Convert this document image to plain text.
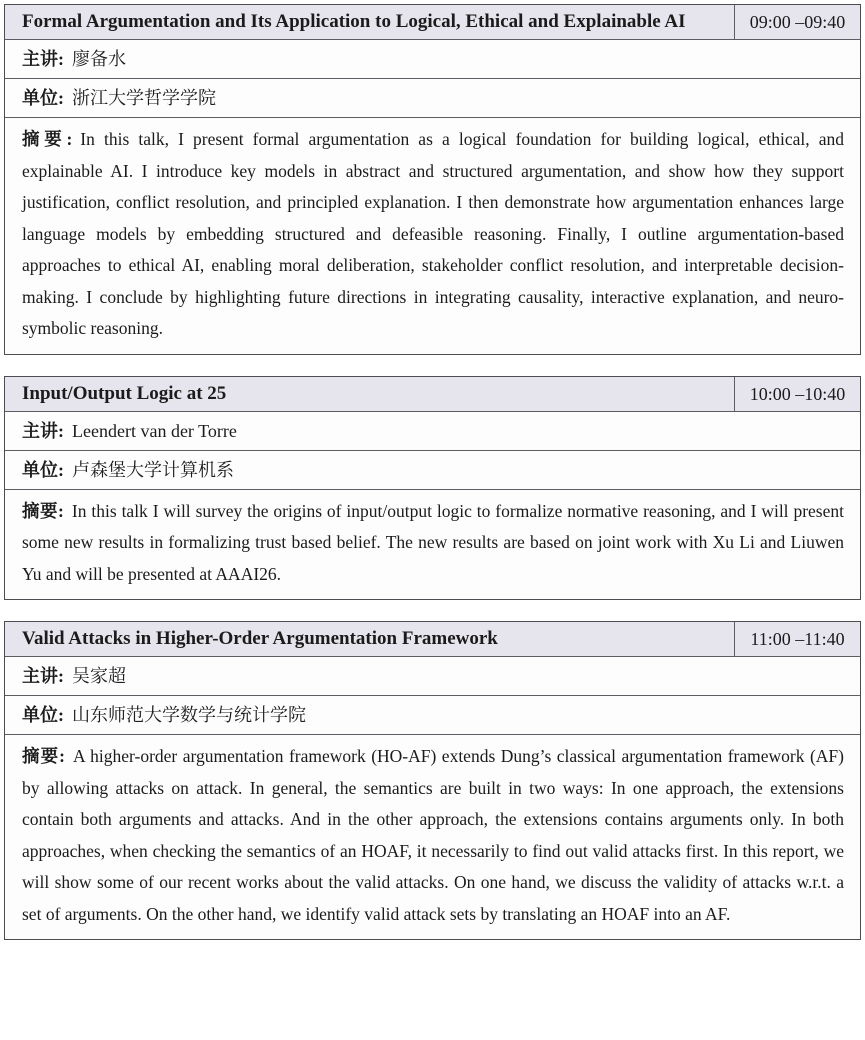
Formal Argumentation and Its Application to Logical, Ethical and Explainable AI	09:00 –09:40
主讲: 廖备水
单位: 浙江大学哲学学院
摘要: In this talk, I present formal argumentation as a logical foundation for building logical, ethical, and explainable AI. I introduce key models in abstract and structured argumentation, and show how they support justification, conflict resolution, and principled explanation. I then demonstrate how argumentation enhances large language models by embedding structured and defeasible reasoning. Finally, I outline argumentation-based approaches to ethical AI, enabling moral deliberation, stakeholder conflict resolution, and interpretable decision-making. I conclude by highlighting future directions in integrating causality, interactive explanation, and neuro-symbolic reasoning.
Input/Output Logic at 25	10:00 –10:40
主讲: Leendert van der Torre
单位: 卢森堡大学计算机系
摘要: In this talk I will survey the origins of input/output logic to formalize normative reasoning, and I will present some new results in formalizing trust based belief. The new results are based on joint work with Xu Li and Liuwen Yu and will be presented at AAAI26.
Valid Attacks in Higher-Order Argumentation Framework	11:00 –11:40
主讲: 吴家超
单位: 山东师范大学数学与统计学院
摘要: A higher-order argumentation framework (HO-AF) extends Dung’s classical argumentation framework (AF) by allowing attacks on attack. In general, the semantics are built in two ways: In one approach, the extensions contain both arguments and attacks. And in the other approach, the extensions contains arguments only. In both approaches, when checking the semantics of an HOAF, it necessarily to find out valid attacks first. In this report, we will show some of our recent works about the valid attacks. On one hand, we discuss the validity of attacks w.r.t. a set of arguments. On the other hand, we identify valid attack sets by translating an HOAF into an AF.
